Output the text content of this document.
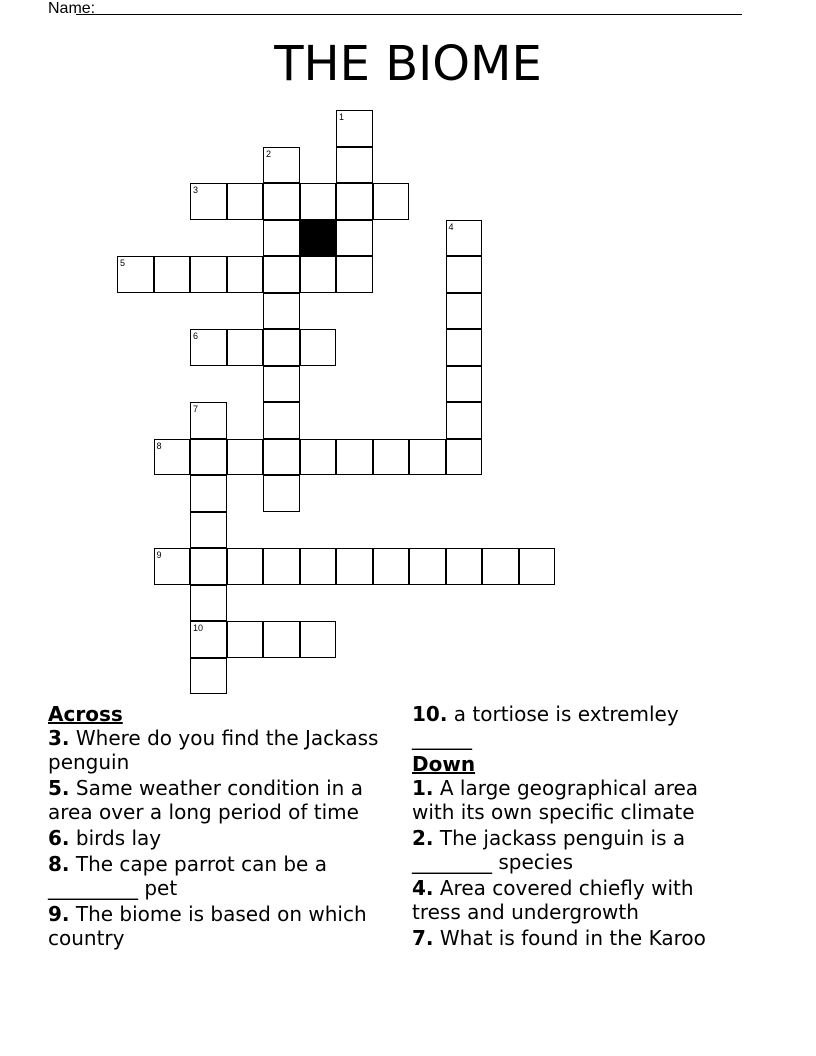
Name:
THE BIOME
3
5
6
8
9
10
1
2
4
7
Across
3. Where do you find the Jackass penguin
5. Same weather condition in a area over a long period of time
6. birds lay
8. The cape parrot can be a _________ pet
9. The biome is based on which country
10. a tortiose is extremley ______
Down
1. A large geographical area with its own specific climate
2. The jackass penguin is a ________ species
4. Area covered chiefly with tress and undergrowth
7. What is found in the Karoo
